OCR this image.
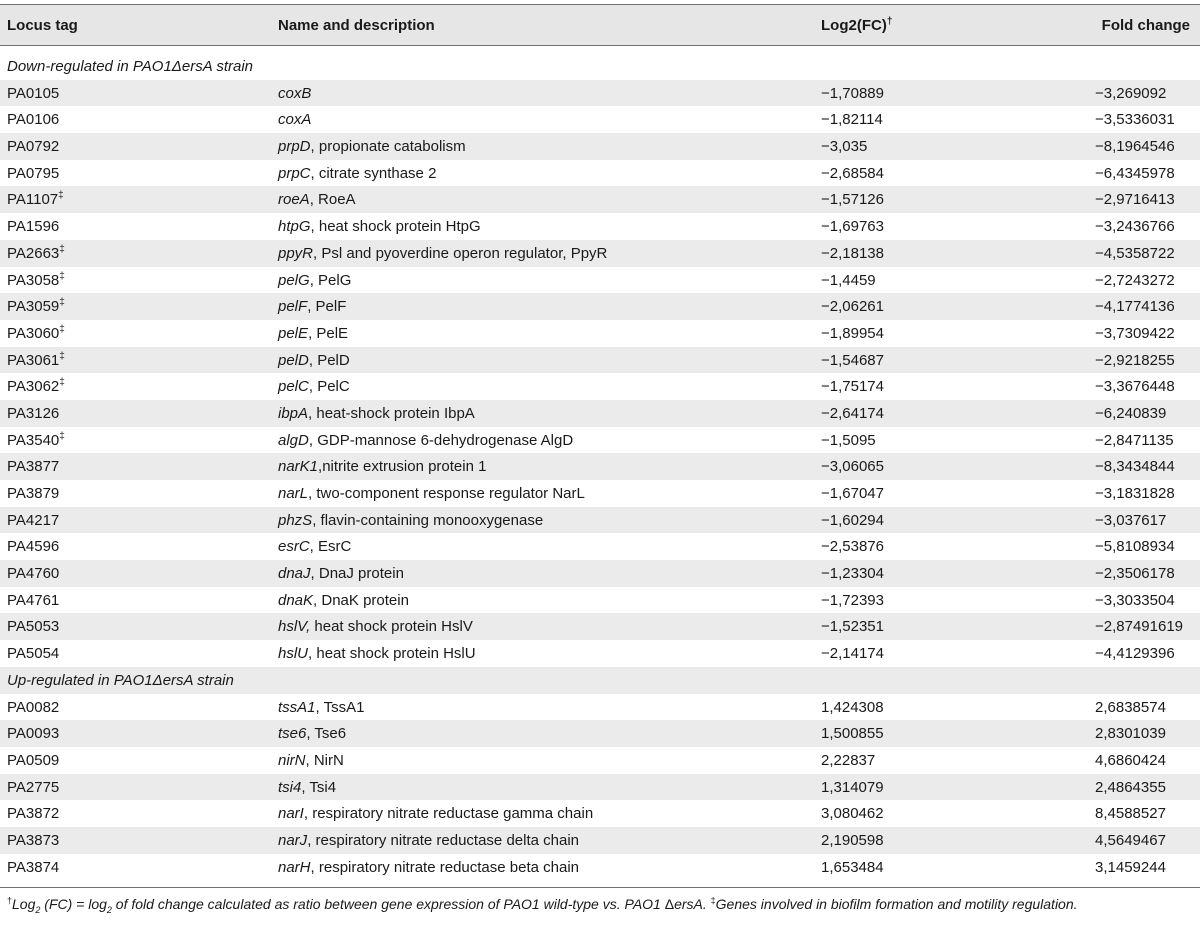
Locus tag	Name and description	Log2(FC)†	Fold change
Down-regulated in PAO1ΔersA strain
PA0105	coxB	−1,70889	−3,269092
PA0106	coxA	−1,82114	−3,5336031
PA0792	prpD, propionate catabolism	−3,035	−8,1964546
PA0795	prpC, citrate synthase 2	−2,68584	−6,4345978
PA1107‡	roeA, RoeA	−1,57126	−2,9716413
PA1596	htpG, heat shock protein HtpG	−1,69763	−3,2436766
PA2663‡	ppyR, Psl and pyoverdine operon regulator, PpyR	−2,18138	−4,5358722
PA3058‡	pelG, PelG	−1,4459	−2,7243272
PA3059‡	pelF, PelF	−2,06261	−4,1774136
PA3060‡	pelE, PelE	−1,89954	−3,7309422
PA3061‡	pelD, PelD	−1,54687	−2,9218255
PA3062‡	pelC, PelC	−1,75174	−3,3676448
PA3126	ibpA, heat-shock protein IbpA	−2,64174	−6,240839
PA3540‡	algD, GDP-mannose 6-dehydrogenase AlgD	−1,5095	−2,8471135
PA3877	narK1,nitrite extrusion protein 1	−3,06065	−8,3434844
PA3879	narL, two-component response regulator NarL	−1,67047	−3,1831828
PA4217	phzS, flavin-containing monooxygenase	−1,60294	−3,037617
PA4596	esrC, EsrC	−2,53876	−5,8108934
PA4760	dnaJ, DnaJ protein	−1,23304	−2,3506178
PA4761	dnaK, DnaK protein	−1,72393	−3,3033504
PA5053	hslV, heat shock protein HslV	−1,52351	−2,87491619
PA5054	hslU, heat shock protein HslU	−2,14174	−4,4129396
Up-regulated in PAO1ΔersA strain
PA0082	tssA1, TssA1	1,424308	2,6838574
PA0093	tse6, Tse6	1,500855	2,8301039
PA0509	nirN, NirN	2,22837	4,6860424
PA2775	tsi4, Tsi4	1,314079	2,4864355
PA3872	narI, respiratory nitrate reductase gamma chain	3,080462	8,4588527
PA3873	narJ, respiratory nitrate reductase delta chain	2,190598	4,5649467
PA3874	narH, respiratory nitrate reductase beta chain	1,653484	3,1459244
†Log$_2$ $(FC) = \log_2$ of fold change calculated as ratio between gene expression of PAO1 wild-type vs. PAO1 ΔersA. ‡Genes involved in biofilm formation and motility regulation.
